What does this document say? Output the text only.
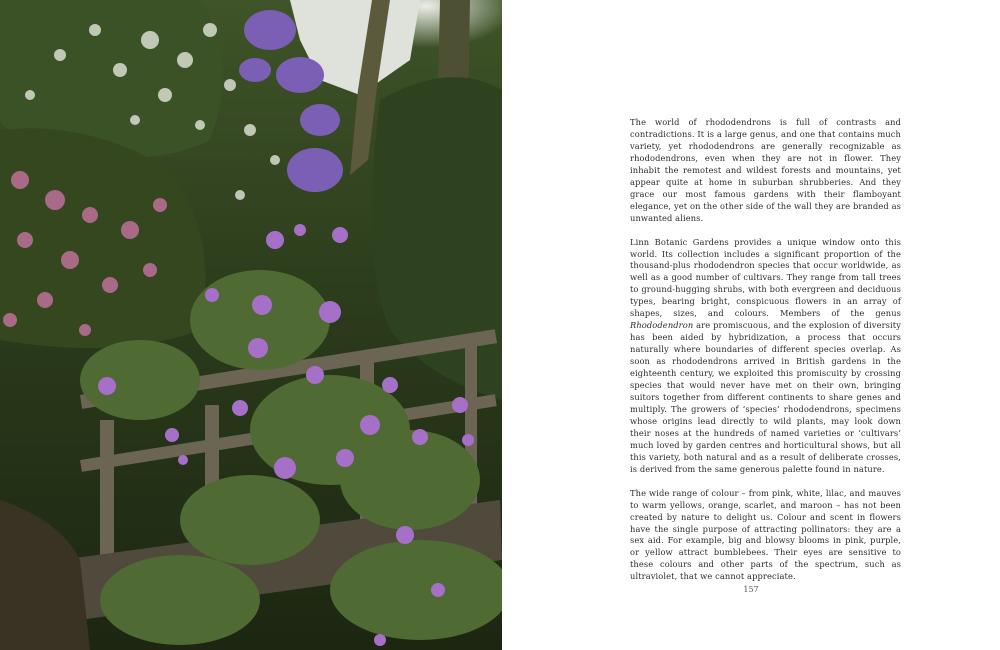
The world of rhododendrons is full of contrasts and contradictions. It is a large genus, and one that contains much variety, yet rhododendrons are generally recognizable as rhododendrons, even when they are not in flower. They inhabit the remotest and wildest forests and mountains, yet appear quite at home in suburban shrubberies. And they grace our most famous gardens with their flamboyant elegance, yet on the other side of the wall they are branded as unwanted aliens.

Linn Botanic Gardens provides a unique window onto this world. Its collection includes a significant proportion of the thousand-plus rhododendron species that occur worldwide, as well as a good number of cultivars. They range from tall trees to ground-hugging shrubs, with both evergreen and deciduous types, bearing bright, conspicuous flowers in an array of shapes, sizes, and colours. Members of the genus Rhododendron are promiscuous, and the explosion of diversity has been aided by hybridization, a process that occurs naturally where boundaries of different species overlap. As soon as rhododendrons arrived in British gardens in the eighteenth century, we exploited this promiscuity by crossing species that would never have met on their own, bringing suitors together from different continents to share genes and multiply. The growers of ‘species’ rhododendrons, specimens whose origins lead directly to wild plants, may look down their noses at the hundreds of named varieties or ‘cultivars’ much loved by garden centres and horticultural shows, but all this variety, both natural and as a result of deliberate crosses, is derived from the same generous palette found in nature.

The wide range of colour – from pink, white, lilac, and mauves to warm yellows, orange, scarlet, and maroon – has not been created by nature to delight us. Colour and scent in flowers have the single purpose of attracting pollinators: they are a sex aid. For example, big and blowsy blooms in pink, purple, or yellow attract bumblebees. Their eyes are sensitive to these colours and other parts of the spectrum, such as ultraviolet, that we cannot appreciate.

157
